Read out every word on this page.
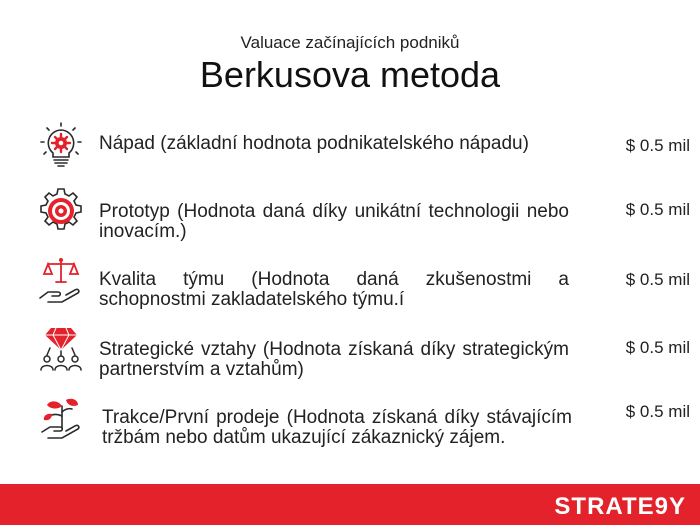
Valuace začínajících podniků
Berkusova metoda
Nápad (základní hodnota podnikatelského nápadu)	$ 0.5 mil
Prototyp (Hodnota daná díky unikátní technologii nebo inovacím.)
$ 0.5 mil
Kvalita týmu (Hodnota daná zkušenostmi a schopnostmi zakladatelského týmu.í
$ 0.5 mil
Strategické vztahy (Hodnota získaná díky strategickým partnerstvím a vztahům)
$ 0.5 mil
Trakce/První prodeje (Hodnota získaná díky stávajícím tržbám nebo datům ukazující zákaznický zájem.
$ 0.5 mil
STRATE9Y
